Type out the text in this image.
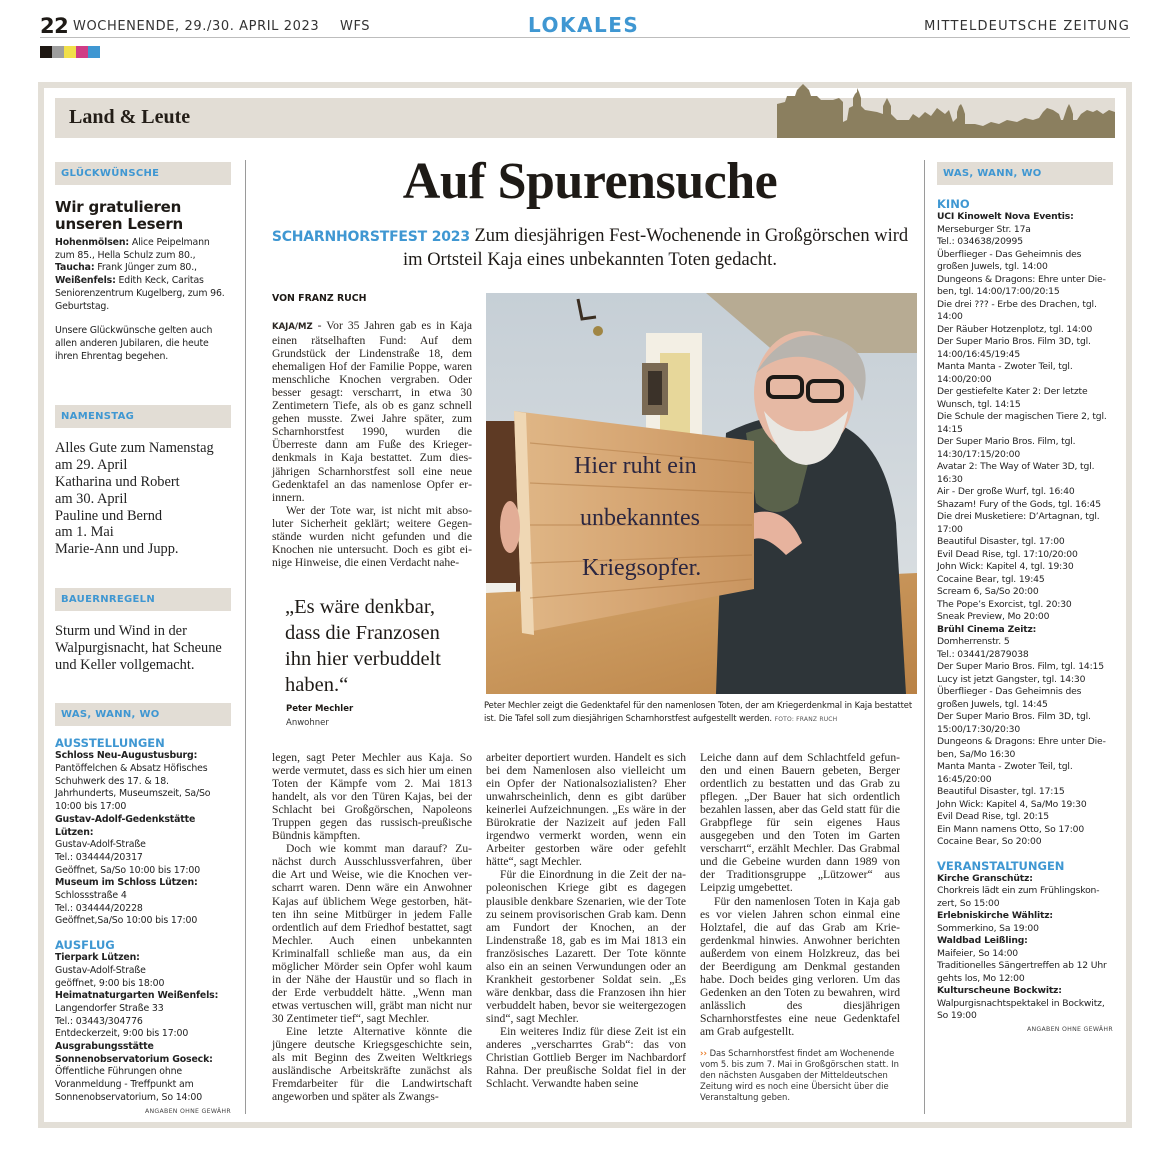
22 WOCHENENDE, 29./30. APRIL 2023 WFS	LOKALES	MITTELDEUTSCHE ZEITUNG
Land & Leute
GLÜCKWÜNSCHE
Wir gratulieren unseren Lesern
Hohenmölsen: Alice Peipelmann zum 85., Hella Schulz zum 80.,
Taucha: Frank Jünger zum 80.,
Weißenfels: Edith Keck, Caritas Seniorenzentrum Kugelberg, zum 96. Geburtstag.
Unsere Glückwünsche gelten auch allen anderen Jubilaren, die heute ihren Ehrentag begehen.
NAMENSTAG
Alles Gute zum Namenstag
am 29. April
Katharina und Robert
am 30. April
Pauline und Bernd
am 1. Mai
Marie-Ann und Jupp.
BAUERNREGELN
Sturm und Wind in der Walpurgisnacht, hat Scheune und Keller vollgemacht.
WAS, WANN, WO
AUSSTELLUNGEN
Schloss Neu-Augustusburg:
Pantöffelchen & Absatz Höfisches Schuhwerk des 17. & 18. Jahrhunderts, Museumszeit, Sa/So 10:00 bis 17:00
Gustav-Adolf-Gedenkstätte Lützen:
Gustav-Adolf-Straße
Tel.: 034444/20317
Geöffnet, Sa/So 10:00 bis 17:00
Museum im Schloss Lützen:
Schlossstraße 4
Tel.: 034444/20228
Geöffnet,Sa/So 10:00 bis 17:00
AUSFLUG
Tierpark Lützen:
Gustav-Adolf-Straße
geöffnet, 9:00 bis 18:00
Heimatnaturgarten Weißenfels:
Langendorfer Straße 33
Tel.: 03443/304776
Entdeckerzeit, 9:00 bis 17:00
Ausgrabungsstätte Sonnenobservatorium Goseck:
Öffentliche Führungen ohne Voranmeldung - Treffpunkt am Sonnenobservatorium, So 14:00
ANGABEN OHNE GEWÄHR
Auf Spurensuche
SCHARNHORSTFEST 2023 Zum diesjährigen Fest-Wochenende in Großgörschen wird im Ortsteil Kaja eines unbekannten Toten gedacht.
VON FRANZ RUCH

KAJA/MZ - Vor 35 Jahren gab es in Kaja einen rätselhaften Fund: Auf dem Grundstück der Lindenstraße 18, dem ehemaligen Hof der Familie Poppe, waren menschliche Knochen vergraben. Oder besser gesagt: verscharrt, in etwa 30 Zentimetern Tiefe, als ob es ganz schnell gehen musste. Zwei Jahre später, zum Scharnhorstfest 1990, wurden die Überreste dann am Fuße des Kriegerdenkmals in Kaja bestattet. Zum diesjährigen Scharnhorstfest soll eine neue Gedenktafel an das namenlose Opfer erinnern.

Wer der Tote war, ist nicht mit absoluter Sicherheit geklärt; weitere Gegenstände wurden nicht gefunden und die Knochen nie untersucht. Doch es gibt einige Hinweise, die einen Verdacht nahe-

„Es wäre denkbar, dass die Franzosen ihn hier verbuddelt haben.“
Peter Mechler
Anwohner
Hier ruht ein
unbekanntes
Kriegsopfer.
Peter Mechler zeigt die Gedenktafel für den namenlosen Toten, der am Kriegerdenkmal in Kaja bestattet ist. Die Tafel soll zum diesjährigen Scharnhorstfest aufgestellt werden. FOTO: FRANZ RUCH

legen, sagt Peter Mechler aus Kaja. So werde vermutet, dass es sich hier um einen Toten der Kämpfe vom 2. Mai 1813 handelt, als vor den Türen Kajas, bei der Schlacht bei Großgörschen, Napoleons Truppen gegen das russisch-preußische Bündnis kämpften.

Doch wie kommt man darauf? Zunächst durch Ausschlussverfahren, über die Art und Weise, wie die Knochen verscharrt waren. Denn wäre ein Anwohner Kajas auf üblichem Wege gestorben, hätten ihn seine Mitbürger in jedem Falle ordentlich auf dem Friedhof bestattet, sagt Mechler. Auch einen unbekannten Kriminalfall schließe man aus, da ein möglicher Mörder sein Opfer wohl kaum in der Nähe der Haustür und so flach in der Erde verbuddelt hätte. „Wenn man etwas vertuschen will, gräbt man nicht nur 30 Zentimeter tief“, sagt Mechler.

Eine letzte Alternative könnte die jüngere deutsche Kriegsgeschichte sein, als mit Beginn des Zweiten Weltkriegs ausländische Arbeitskräfte zunächst als Fremdarbeiter für die Landwirtschaft angeworben und später als Zwangs-

arbeiter deportiert wurden. Handelt es sich bei dem Namenlosen also vielleicht um ein Opfer der Nationalsozialisten? Eher unwahrscheinlich, denn es gibt darüber keinerlei Aufzeichnungen. „Es wäre in der Bürokratie der Nazizeit auf jeden Fall irgendwo vermerkt worden, wenn ein Arbeiter gestorben wäre oder gefehlt hätte“, sagt Mechler.

Für die Einordnung in die Zeit der napoleonischen Kriege gibt es dagegen plausible denkbare Szenarien, wie der Tote zu seinem provisorischen Grab kam. Denn am Fundort der Knochen, an der Lindenstraße 18, gab es im Mai 1813 ein französisches Lazarett. Der Tote könnte also ein an seinen Verwundungen oder an Krankheit gestorbener Soldat sein. „Es wäre denkbar, dass die Franzosen ihn hier verbuddelt haben, bevor sie weitergezogen sind“, sagt Mechler.

Ein weiteres Indiz für diese Zeit ist ein anderes „verscharrtes Grab“: das von Christian Gottlieb Berger im Nachbardorf Rahna. Der preußische Soldat fiel in der Schlacht. Verwandte haben seine

Leiche dann auf dem Schlachtfeld gefunden und einen Bauern gebeten, Berger ordentlich zu bestatten und das Grab zu pflegen. „Der Bauer hat sich ordentlich bezahlen lassen, aber das Geld statt für die Grabpflege für sein eigenes Haus ausgegeben und den Toten im Garten verscharrt“, erzählt Mechler. Das Grabmal und die Gebeine wurden dann 1989 von der Traditionsgruppe „Lützower“ aus Leipzig umgebettet.

Für den namenlosen Toten in Kaja gab es vor vielen Jahren schon einmal eine Holztafel, die auf das Grab am Kriegerdenkmal hinwies. Anwohner berichten außerdem von einem Holzkreuz, das bei der Beerdigung am Denkmal gestanden habe. Doch beides ging verloren. Um das Gedenken an den Toten zu bewahren, wird anlässlich des diesjährigen Scharnhorstfestes eine neue Gedenktafel am Grab aufgestellt.

›› Das Scharnhorstfest findet am Wochenende vom 5. bis zum 7. Mai in Großgörschen statt. In den nächsten Ausgaben der Mitteldeutschen Zeitung wird es noch eine Übersicht über die Veranstaltung geben.
WAS, WANN, WO
KINO
UCI Kinowelt Nova Eventis:
Merseburger Str. 17a
Tel.: 034638/20995
Überflieger - Das Geheimnis des großen Juwels, tgl. 14:00
Dungeons & Dragons: Ehre unter Dieben, tgl. 14:00/17:00/20:15
Die drei ??? - Erbe des Drachen, tgl. 14:00
Der Räuber Hotzenplotz, tgl. 14:00
Der Super Mario Bros. Film 3D, tgl. 14:00/16:45/19:45
Manta Manta - Zwoter Teil, tgl. 14:00/20:00
Der gestiefelte Kater 2: Der letzte Wunsch, tgl. 14:15
Die Schule der magischen Tiere 2, tgl. 14:15
Der Super Mario Bros. Film, tgl. 14:30/17:15/20:00
Avatar 2: The Way of Water 3D, tgl. 16:30
Air - Der große Wurf, tgl. 16:40
Shazam! Fury of the Gods, tgl. 16:45
Die drei Musketiere: D’Artagnan, tgl. 17:00
Beautiful Disaster, tgl. 17:00
Evil Dead Rise, tgl. 17:10/20:00
John Wick: Kapitel 4, tgl. 19:30
Cocaine Bear, tgl. 19:45
Scream 6, Sa/So 20:00
The Pope’s Exorcist, tgl. 20:30
Sneak Preview, Mo 20:00
Brühl Cinema Zeitz:
Domherrenstr. 5
Tel.: 03441/2879038
Der Super Mario Bros. Film, tgl. 14:15
Lucy ist jetzt Gangster, tgl. 14:30
Überflieger - Das Geheimnis des großen Juwels, tgl. 14:45
Der Super Mario Bros. Film 3D, tgl. 15:00/17:30/20:30
Dungeons & Dragons: Ehre unter Dieben, Sa/Mo 16:30
Manta Manta - Zwoter Teil, tgl. 16:45/20:00
Beautiful Disaster, tgl. 17:15
John Wick: Kapitel 4, Sa/Mo 19:30
Evil Dead Rise, tgl. 20:15
Ein Mann namens Otto, So 17:00
Cocaine Bear, So 20:00
VERANSTALTUNGEN
Kirche Granschütz:
Chorkreis lädt ein zum Frühlingskonzert, So 15:00
Erlebniskirche Wählitz:
Sommerkino, Sa 19:00
Waldbad Leißling:
Maifeier, So 14:00
Traditionelles Sängertreffen ab 12 Uhr gehts los, Mo 12:00
Kulturscheune Bockwitz:
Walpurgisnachtspektakel in Bockwitz, So 19:00
ANGABEN OHNE GEWÄHR
